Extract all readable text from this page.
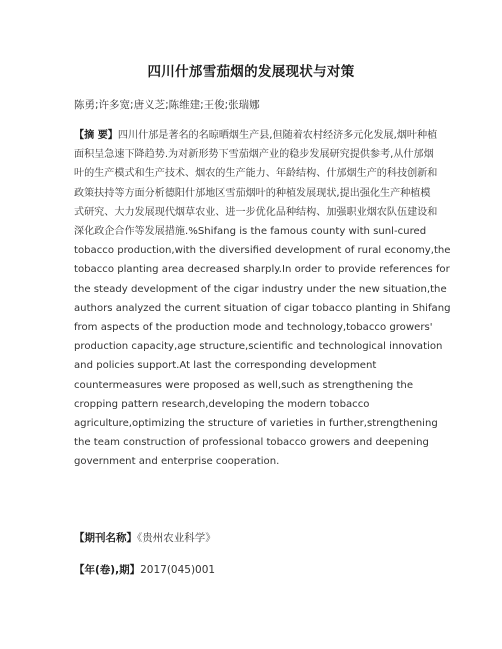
四川什邡雪茄烟的发展现状与对策
陈勇;许多宽;唐义芝;陈维建;王俊;张瑞娜
【摘 要】四川什邡是著名的名晾晒烟生产县,但随着农村经济多元化发展,烟叶种植
面积呈急速下降趋势.为对新形势下雪茄烟产业的稳步发展研究提供参考,从什邡烟
叶的生产模式和生产技术、烟农的生产能力、年龄结构、什邡烟生产的科技创新和
政策扶持等方面分析德阳什邡地区雪茄烟叶的种植发展现状,提出强化生产种植模
式研究、大力发展现代烟草农业、进一步优化品种结构、加强职业烟农队伍建设和
深化政企合作等发展措施.%Shifang is the famous county with sunl-cured
tobacco production,with the diversified development of rural economy,the
tobacco planting area decreased sharply.In order to provide references for
the steady development of the cigar industry under the new situation,the
authors analyzed the current situation of cigar tobacco planting in Shifang
from aspects of the production mode and technology,tobacco growers'
production capacity,age structure,scientific and technological innovation
and policies support.At last the corresponding development
countermeasures were proposed as well,such as strengthening the
cropping pattern research,developing the modern tobacco
agriculture,optimizing the structure of varieties in further,strengthening
the team construction of professional tobacco growers and deepening
government and enterprise cooperation.
【期刊名称】《贵州农业科学》
【年(卷),期】2017(045)001
